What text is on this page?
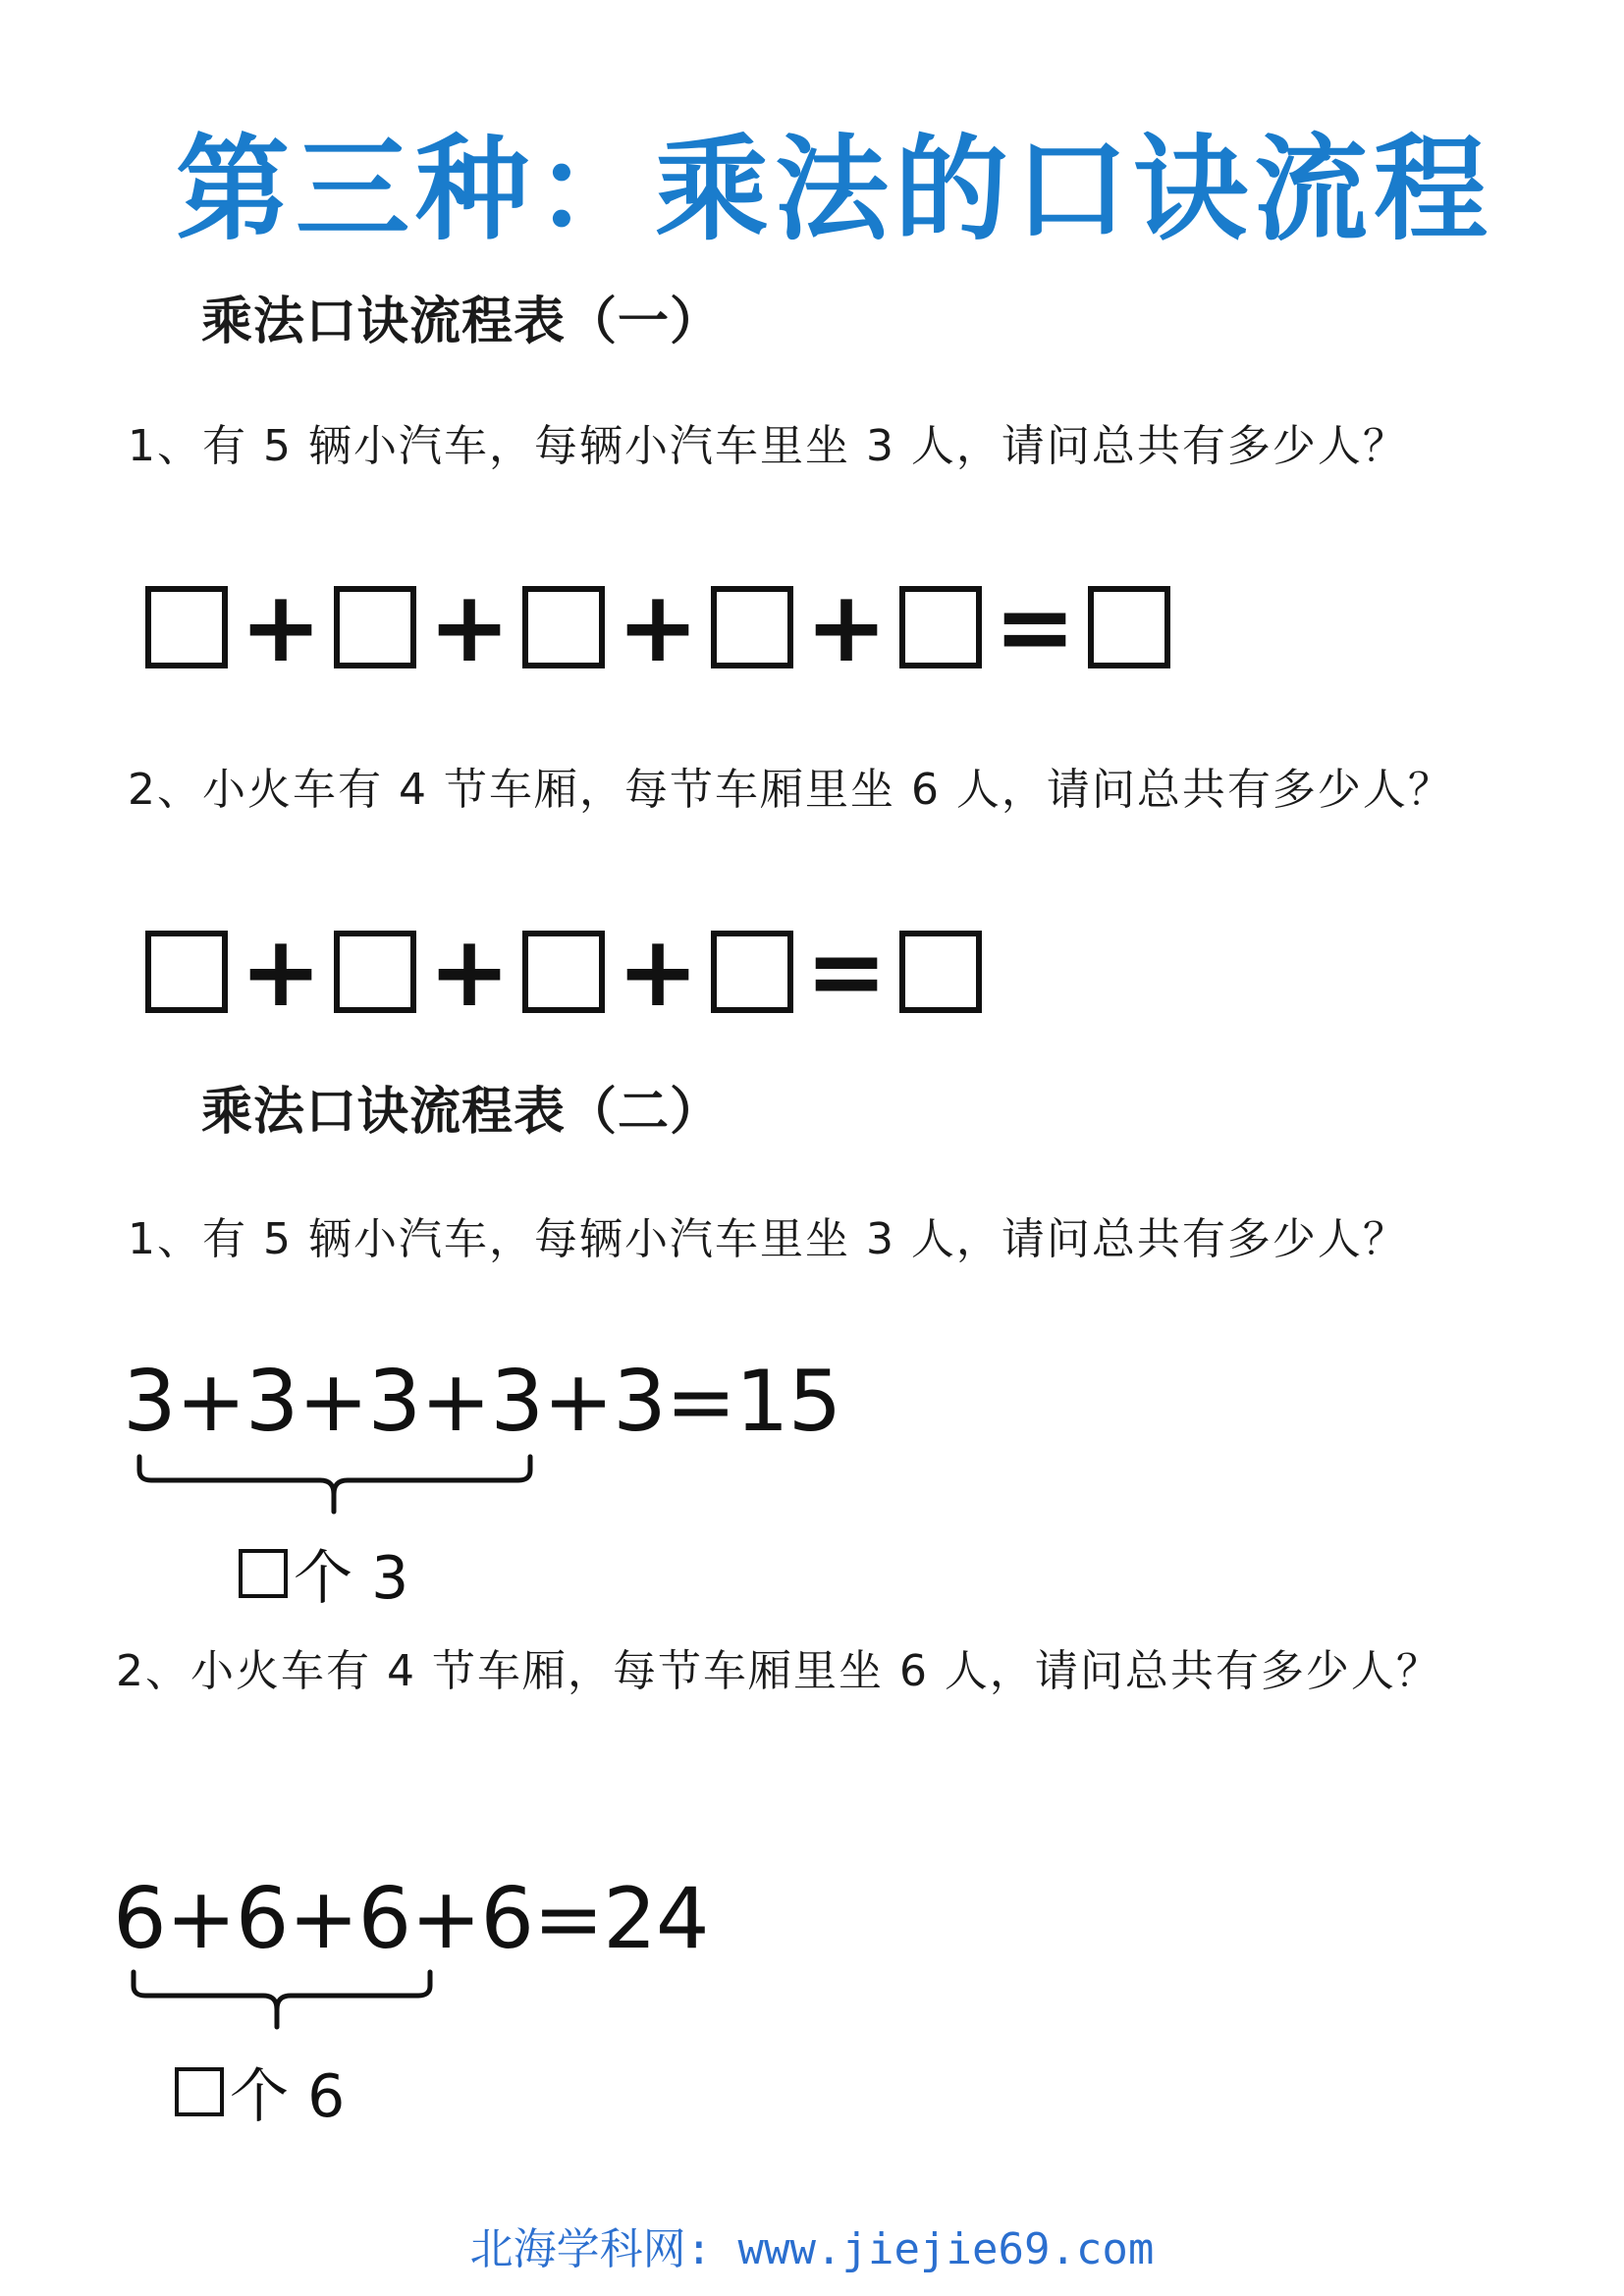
第三种：乘法的口诀流程
乘法口诀流程表（一）
1、有 5 辆小汽车，每辆小汽车里坐 3 人，请问总共有多少人？
+ + + + =
2、小火车有 4 节车厢，每节车厢里坐 6 人，请问总共有多少人？
+ + + =
乘法口诀流程表（二）
1、有 5 辆小汽车，每辆小汽车里坐 3 人，请问总共有多少人？
3+3+3+3+3=15
个 3
2、小火车有 4 节车厢，每节车厢里坐 6 人，请问总共有多少人？
6+6+6+6=24
个 6
北海学科网: www.jiejie69.com
